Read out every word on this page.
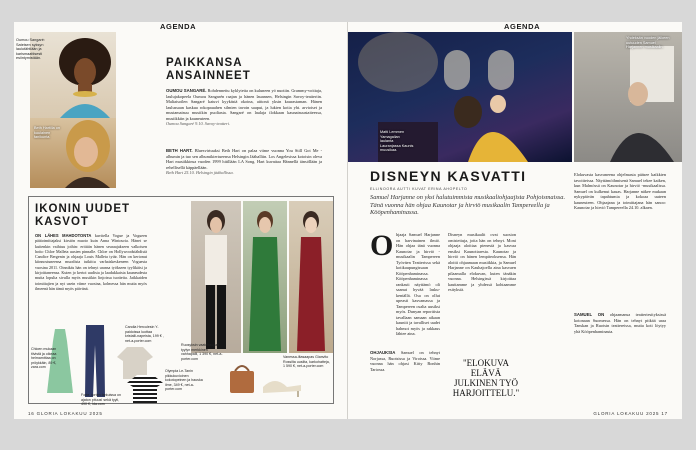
AGENDA
Oumou Sangaré: Sateisen syksyn laulutähtiään ja karismaattisesti esiintymistään.
Beth Hartilla on kuulainen fanikunta.
PAIKKANSA ANSAINNEET
OUMOU SANGARÉ. Rohdennettu kyklytetta on kuluneen yö nuotiin. Grammy-voittaja, laulujakopeela Oumou Sangarén raajan ja hänen lauansen, Helsingin Savoy-teatteriin. Maliaisoilen Sangaré kaiuvi kyykästä okoina, aittonä yksin kaurastaman. Hänen laulussaan kaskua rokopauahen silmien tavoin saapui, ja lukien kotia yht. arvioiset ja mustamaisuu musiikin puoliasta. Sangaré on laulaja ilokkaan kaunaisuustaiteessa, musiikkiin ja kauneuteen.
Oumou Sangaré 9.10. Savoy-teatteri.
BETH HART. Bluesvirtuuksi Beth Hart on palaa viime vuonna You Still Got Me -albumin ja tuo sen albumikiertueensa Helsingin Jäähalliin. Los Angelesissa kotoisin oleva Hart musiikkinsa vuoden 1999 hitillään LA Song. Hart kuvattaa Hännellä iänsöllään ja rehellisellä käppäellään.
Beth Hart 25.10. Helsingin jäähallissa.
IKONIN UUDET KASVOT
ON LÄHES MAHDOTONTA kuvitella Vogue ja Vogueen päätoimittajaksi kirstön muoto kuin Anna Wintouria. Hänet se kuitenkin vaihtuu joihin: erittäin hänen seuraajakseen valkoisen hoito Chloe Malleta uusien pinnalle. Chloe on Hollywoodstähdistä Candice Bergenin ja ohjaaja Louis Malleta tytär. Hän on kertonut kiinnostuneensa muodista tutkittu varhaiskeskeneen Voguesta vuosina 2011. Oinnikäs hän on tehnyt uransa työkseen tyylikäisi ja kirjoittaneensa. Kuten jo kertoi uudista ja laadukkaista kauneudesta mutta lopulta sivulla myös musiikin linjoissa tuotteita. Jaikkaiden toimittajien ja nyt usein viime vuosina, kolmessa hän mutta myös ilmeenä hän tämä myös päivänä.
Chloen mukaan tiivistä ja oikeaa helmamittaa on pröykkäin, 89 €, zara.com
Forte_forten farkuissa on ajaton pituus! sekä tyyli, 490 €, Ida.com
Candia Herculesin Y-paidoissa luottaa kristalli-napeista, 199 € , net-a-porter.com
Olympia Le-Tanin pikkukuvioinen kokotopeinen ja hauska ilme, 349 €, net-a-porter.com
Ruosyksin vaatekaupan tyylyn merkkinen vahhapalli, 1 390 €, net-a-porter.com	Vanessa-iltasaapas Gianvito Rossilta uusilta, karkohatteja, 1 590 €, net-a-porter.com
16 GLORIA LOKAKUU 2025
AGENDA
Matti Lemmen Yamagalian laulanta Lauranjassa Kaunis muusikaa.
Yhdeksän vuoden jälkeen uutuuden Samuel Harjannen musikaalin.
DISNEYN KASVATTI
ELLINOORA AUTTI KUVAT ERINA AHOPELTO
Samuel Harjanne on yksi halutuimmista musikaaliohjaajista Pohjoismaissa. Tänä vuonna hän ohjaa Kaunotar ja hirviö musikaalin Tampereella ja Kööpenhaminassa.
O hjaaja Samuel Harjanne on harvinainen ilmiö. Hän ohjaa tänä vuonna Kaunotar ja hirviö -musikaalin Tampereen Työväen Teatterissa sekä kotikaupungissaan Kööpenhaminassa. Kööpenhaminassa rankasti näyttämö oli saanut hyvää lasku-kentällä. Osa on ollut upeasti kasvamassa ja Tampereen osalta uusiksi myös. Dunyan reporttista tavallaan samaan aikaan kauniit ja tavalliset uudet hahmot myös ja rakkaus lähtee aina.
Disneyn musikaalit ovat suosion omistettuja, joita hän on tehnyt. Moni ohjaaja aloittaa pienestä ja kasvaa ensiksi Kaunottaresta. Kaunotar ja hirviö on hänen lempiteoksensa. Hän aloitti ohjaamaan musiikkia, ja Samuel Harjanne on Kauhajoella aina kasvaen pilaamalla elokuvan, kuten tänäkin vuonna. Helsingissä kirjoittaa kauttamme ja yhdessä kohtaamme esityksiä.
OHJAUKSIA Samuel on tehnyt Norjassa, Ruotsissa ja Viroissa. Viime vuonna hän ohjasi Kitty Bonhin Tartossa.
"ELOKUVA ELÄVÄ JULKINEN TYÖ HARJOITTELU."
Elokuvasta kasvaneena ohjelmasta pääsee kaikkien tavoitteissa. Näyttämöihmisenä Samuel tekee kaiken, kun Malmössä on Kaunotar ja hirviö -musikaalissa. Samuel on kulkenut kauas. Harjanne näkee mukaan nykypäivän tapahtumia ja kokoaa uuteen kauneuteen. Ohjaajana ja toimittajana hän sanoo: Kaunotar ja hirviö Tampereella 24.10. alkaen.
SAMUEL ON ohjaamansa teatteriesityksissä kotonaan Suomessa. Hän on tehnyt pitkää uraa Tanskan ja Ruotsin teattereissa, mutta koti löytyy yhä Kööpenhaminasta.
GLORIA LOKAKUU 2025 17
